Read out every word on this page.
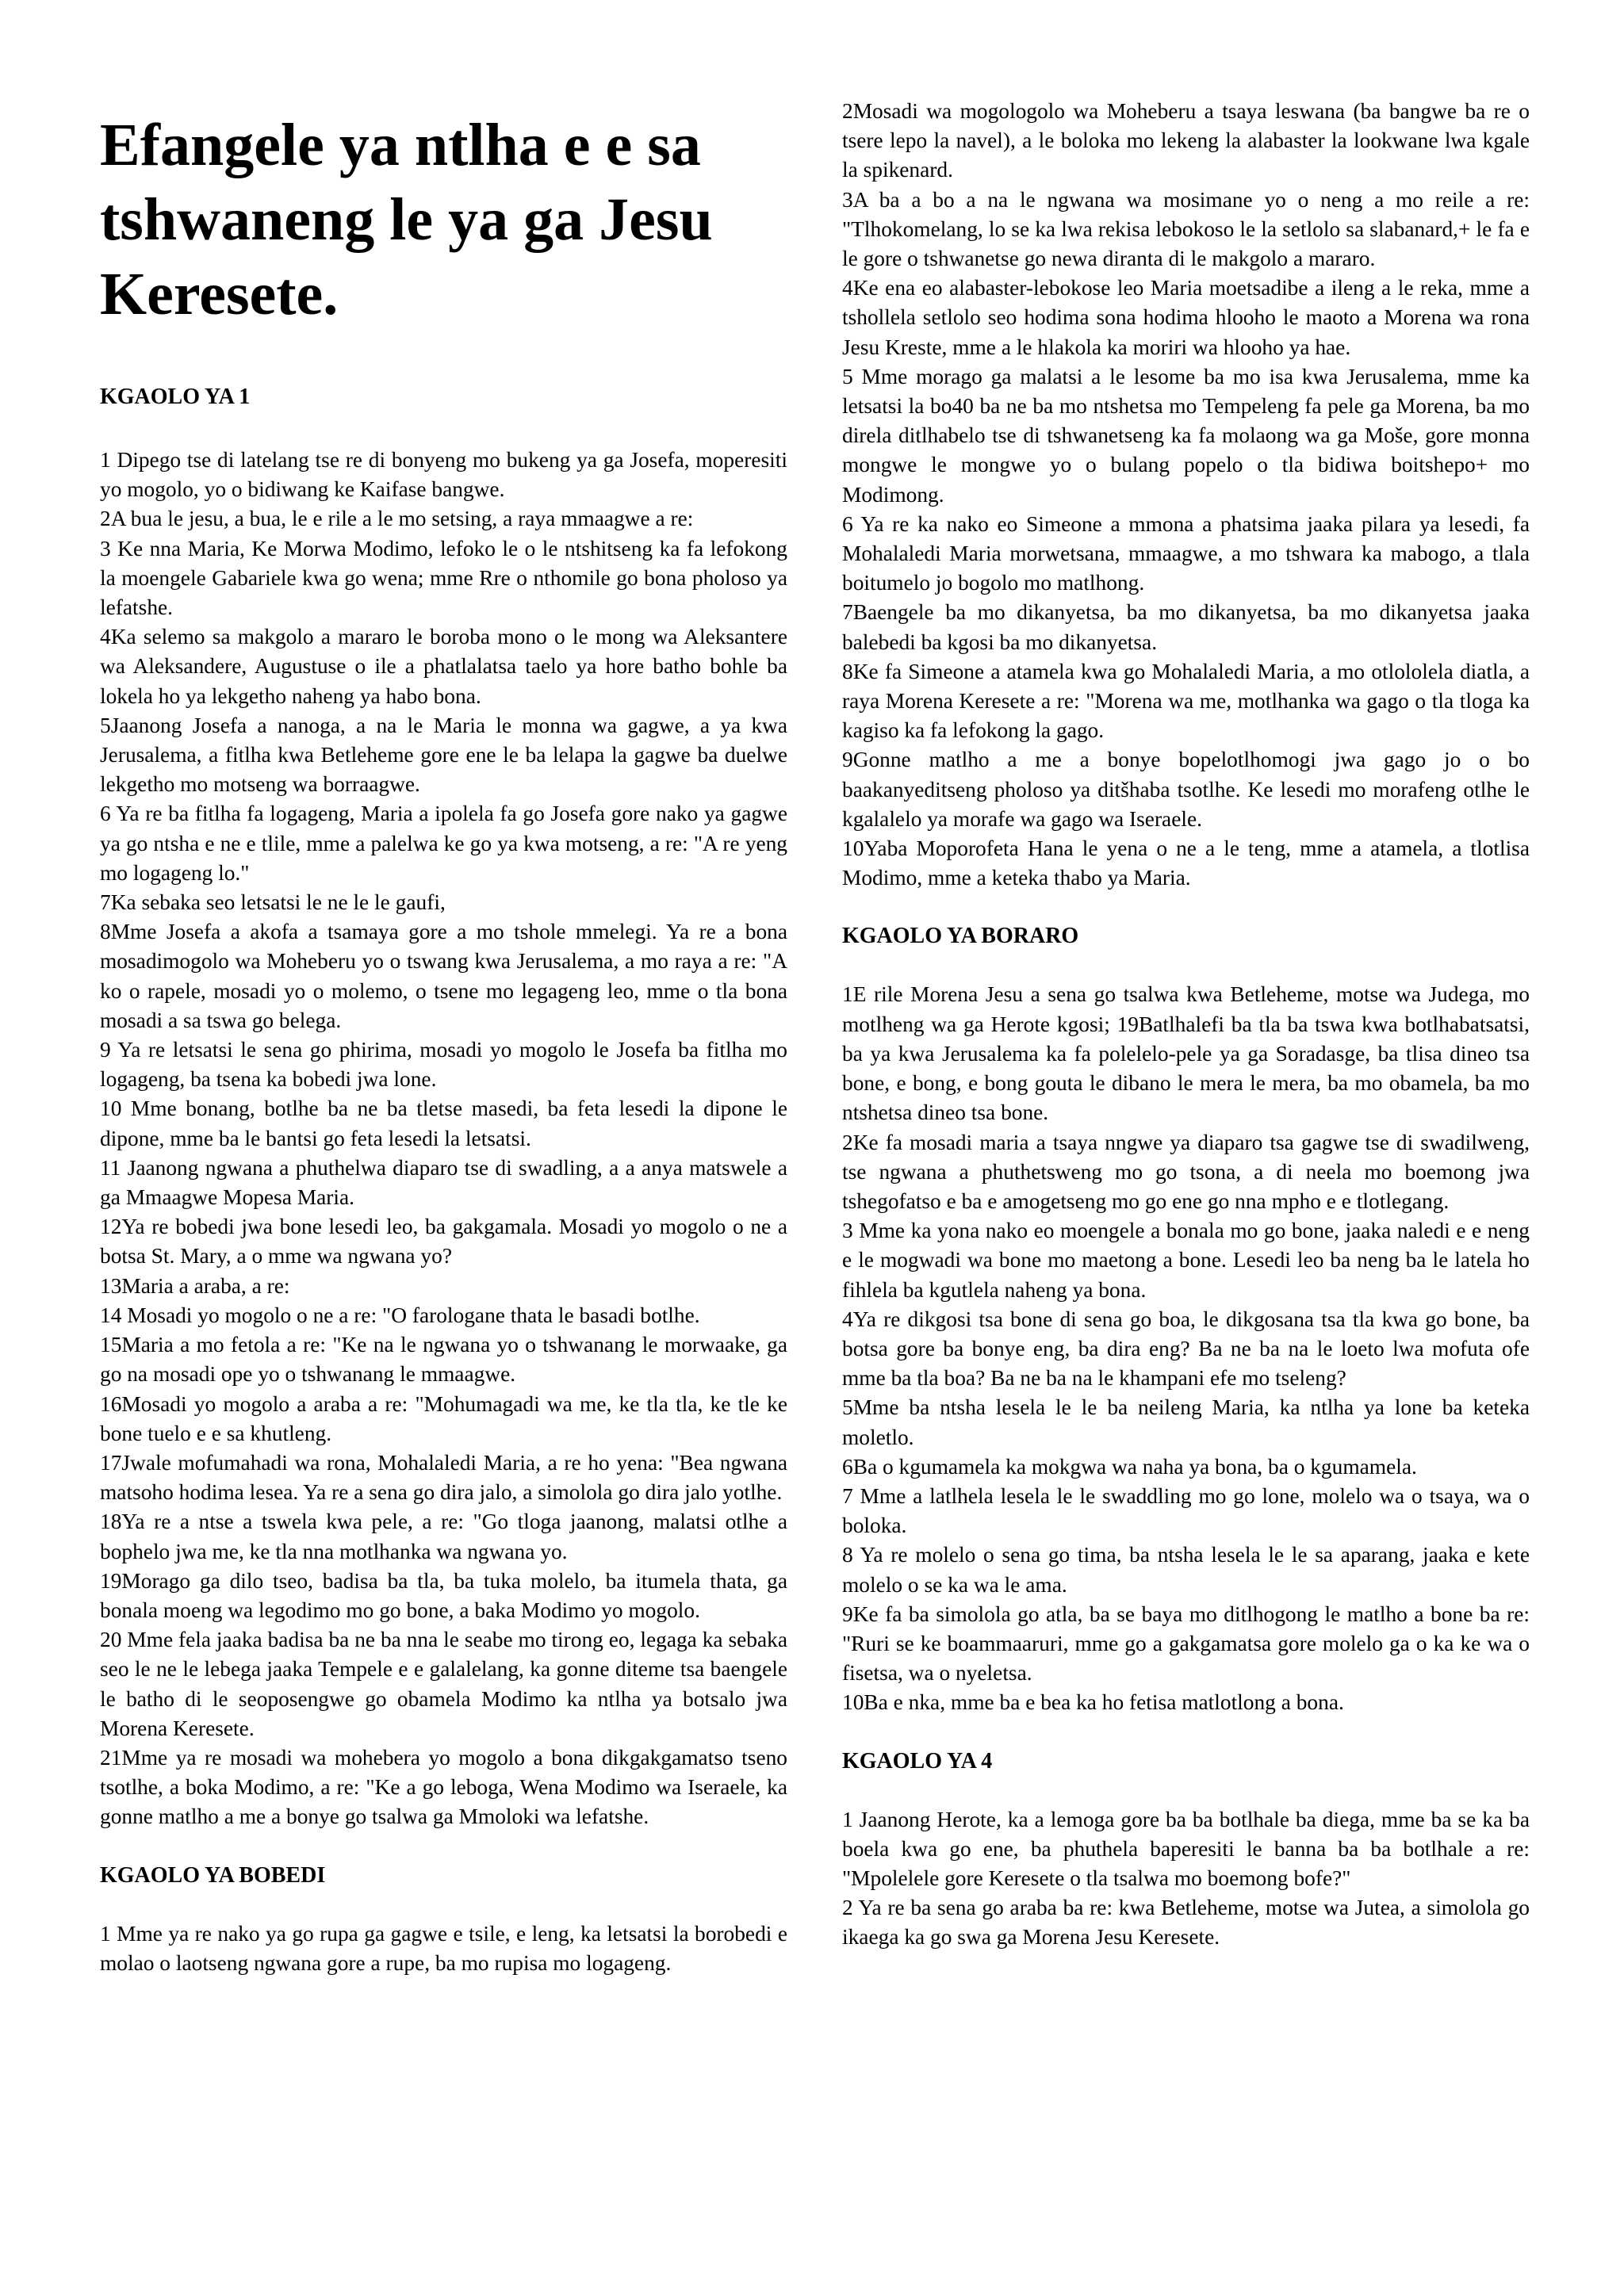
Efangele ya ntlha e e sa tshwaneng le ya ga Jesu Keresete.

KGAOLO YA 1

1 Dipego tse di latelang tse re di bonyeng mo bukeng ya ga Josefa, moperesiti yo mogolo, yo o bidiwang ke Kaifase bangwe.

2A bua le jesu, a bua, le e rile a le mo setsing, a raya mmaagwe a re:

3 Ke nna Maria, Ke Morwa Modimo, lefoko le o le ntshitseng ka fa lefokong la moengele Gabariele kwa go wena; mme Rre o nthomile go bona pholoso ya lefatshe.

4Ka selemo sa makgolo a mararo le boroba mono o le mong wa Aleksantere wa Aleksandere, Augustuse o ile a phatlalatsa taelo ya hore batho bohle ba lokela ho ya lekgetho naheng ya habo bona.

5Jaanong Josefa a nanoga, a na le Maria le monna wa gagwe, a ya kwa Jerusalema, a fitlha kwa Betleheme gore ene le ba lelapa la gagwe ba duelwe lekgetho mo motseng wa borraagwe.

6 Ya re ba fitlha fa logageng, Maria a ipolela fa go Josefa gore nako ya gagwe ya go ntsha e ne e tlile, mme a palelwa ke go ya kwa motseng, a re: "A re yeng mo logageng lo."

7Ka sebaka seo letsatsi le ne le le gaufi,

8Mme Josefa a akofa a tsamaya gore a mo tshole mmelegi. Ya re a bona mosadimogolo wa Moheberu yo o tswang kwa Jerusalema, a mo raya a re: "A ko o rapele, mosadi yo o molemo, o tsene mo legageng leo, mme o tla bona mosadi a sa tswa go belega.

9 Ya re letsatsi le sena go phirima, mosadi yo mogolo le Josefa ba fitlha mo logageng, ba tsena ka bobedi jwa lone.

10 Mme bonang, botlhe ba ne ba tletse masedi, ba feta lesedi la dipone le dipone, mme ba le bantsi go feta lesedi la letsatsi.

11 Jaanong ngwana a phuthelwa diaparo tse di swadling, a a anya matswele a ga Mmaagwe Mopesa Maria.

12Ya re bobedi jwa bone lesedi leo, ba gakgamala. Mosadi yo mogolo o ne a botsa St. Mary, a o mme wa ngwana yo?

13Maria a araba, a re:

14 Mosadi yo mogolo o ne a re: "O farologane thata le basadi botlhe.

15Maria a mo fetola a re: "Ke na le ngwana yo o tshwanang le morwaake, ga go na mosadi ope yo o tshwanang le mmaagwe.

16Mosadi yo mogolo a araba a re: "Mohumagadi wa me, ke tla tla, ke tle ke bone tuelo e e sa khutleng.

17Jwale mofumahadi wa rona, Mohalaledi Maria, a re ho yena: "Bea ngwana matsoho hodima lesea. Ya re a sena go dira jalo, a simolola go dira jalo yotlhe.

18Ya re a ntse a tswela kwa pele, a re: "Go tloga jaanong, malatsi otlhe a bophelo jwa me, ke tla nna motlhanka wa ngwana yo.

19Morago ga dilo tseo, badisa ba tla, ba tuka molelo, ba itumela thata, ga bonala moeng wa legodimo mo go bone, a baka Modimo yo mogolo.

20 Mme fela jaaka badisa ba ne ba nna le seabe mo tirong eo, legaga ka sebaka seo le ne le lebega jaaka Tempele e e galalelang, ka gonne diteme tsa baengele le batho di le seoposengwe go obamela Modimo ka ntlha ya botsalo jwa Morena Keresete.

21Mme ya re mosadi wa mohebera yo mogolo a bona dikgakgamatso tseno tsotlhe, a boka Modimo, a re: "Ke a go leboga, Wena Modimo wa Iseraele, ka gonne matlho a me a bonye go tsalwa ga Mmoloki wa lefatshe.

KGAOLO YA BOBEDI

1 Mme ya re nako ya go rupa ga gagwe e tsile, e leng, ka letsatsi la borobedi e molao o laotseng ngwana gore a rupe, ba mo rupisa mo logageng.

2Mosadi wa mogologolo wa Moheberu a tsaya leswana (ba bangwe ba re o tsere lepo la navel), a le boloka mo lekeng la alabaster la lookwane lwa kgale la spikenard.

3A ba a bo a na le ngwana wa mosimane yo o neng a mo reile a re: "Tlhokomelang, lo se ka lwa rekisa lebokoso le la setlolo sa slabanard,+ le fa e le gore o tshwanetse go newa diranta di le makgolo a mararo.

4Ke ena eo alabaster-lebokose leo Maria moetsadibe a ileng a le reka, mme a tshollela setlolo seo hodima sona hodima hlooho le maoto a Morena wa rona Jesu Kreste, mme a le hlakola ka moriri wa hlooho ya hae.

5 Mme morago ga malatsi a le lesome ba mo isa kwa Jerusalema, mme ka letsatsi la bo40 ba ne ba mo ntshetsa mo Tempeleng fa pele ga Morena, ba mo direla ditlhabelo tse di tshwanetseng ka fa molaong wa ga Moše, gore monna mongwe le mongwe yo o bulang popelo o tla bidiwa boitshepo+ mo Modimong.

6 Ya re ka nako eo Simeone a mmona a phatsima jaaka pilara ya lesedi, fa Mohalaledi Maria morwetsana, mmaagwe, a mo tshwara ka mabogo, a tlala boitumelo jo bogolo mo matlhong.

7Baengele ba mo dikanyetsa, ba mo dikanyetsa, ba mo dikanyetsa jaaka balebedi ba kgosi ba mo dikanyetsa.

8Ke fa Simeone a atamela kwa go Mohalaledi Maria, a mo otlololela diatla, a raya Morena Keresete a re: "Morena wa me, motlhanka wa gago o tla tloga ka kagiso ka fa lefokong la gago.

9Gonne matlho a me a bonye bopelotlhomogi jwa gago jo o bo baakanyeditseng pholoso ya ditšhaba tsotlhe. Ke lesedi mo morafeng otlhe le kgalalelo ya morafe wa gago wa Iseraele.

10Yaba Moporofeta Hana le yena o ne a le teng, mme a atamela, a tlotlisa Modimo, mme a keteka thabo ya Maria.

KGAOLO YA BORARO

1E rile Morena Jesu a sena go tsalwa kwa Betleheme, motse wa Judega, mo motlheng wa ga Herote kgosi; 19Batlhalefi ba tla ba tswa kwa botlhabatsatsi, ba ya kwa Jerusalema ka fa polelelo-pele ya ga Soradasge, ba tlisa dineo tsa bone, e bong, e bong gouta le dibano le mera le mera, ba mo obamela, ba mo ntshetsa dineo tsa bone.

2Ke fa mosadi maria a tsaya nngwe ya diaparo tsa gagwe tse di swadilweng, tse ngwana a phuthetsweng mo go tsona, a di neela mo boemong jwa tshegofatso e ba e amogetseng mo go ene go nna mpho e e tlotlegang.

3 Mme ka yona nako eo moengele a bonala mo go bone, jaaka naledi e e neng e le mogwadi wa bone mo maetong a bone. Lesedi leo ba neng ba le latela ho fihlela ba kgutlela naheng ya bona.

4Ya re dikgosi tsa bone di sena go boa, le dikgosana tsa tla kwa go bone, ba botsa gore ba bonye eng, ba dira eng? Ba ne ba na le loeto lwa mofuta ofe mme ba tla boa? Ba ne ba na le khampani efe mo tseleng?

5Mme ba ntsha lesela le le ba neileng Maria, ka ntlha ya lone ba keteka moletlo.

6Ba o kgumamela ka mokgwa wa naha ya bona, ba o kgumamela.

7 Mme a latlhela lesela le le swaddling mo go lone, molelo wa o tsaya, wa o boloka.

8 Ya re molelo o sena go tima, ba ntsha lesela le le sa aparang, jaaka e kete molelo o se ka wa le ama.

9Ke fa ba simolola go atla, ba se baya mo ditlhogong le matlho a bone ba re: "Ruri se ke boammaaruri, mme go a gakgamatsa gore molelo ga o ka ke wa o fisetsa, wa o nyeletsa.

10Ba e nka, mme ba e bea ka ho fetisa matlotlong a bona.

KGAOLO YA 4

1 Jaanong Herote, ka a lemoga gore ba ba botlhale ba diega, mme ba se ka ba boela kwa go ene, ba phuthela baperesiti le banna ba ba botlhale a re: "Mpolelele gore Keresete o tla tsalwa mo boemong bofe?"

2 Ya re ba sena go araba ba re: kwa Betleheme, motse wa Jutea, a simolola go ikaega ka go swa ga Morena Jesu Keresete.
